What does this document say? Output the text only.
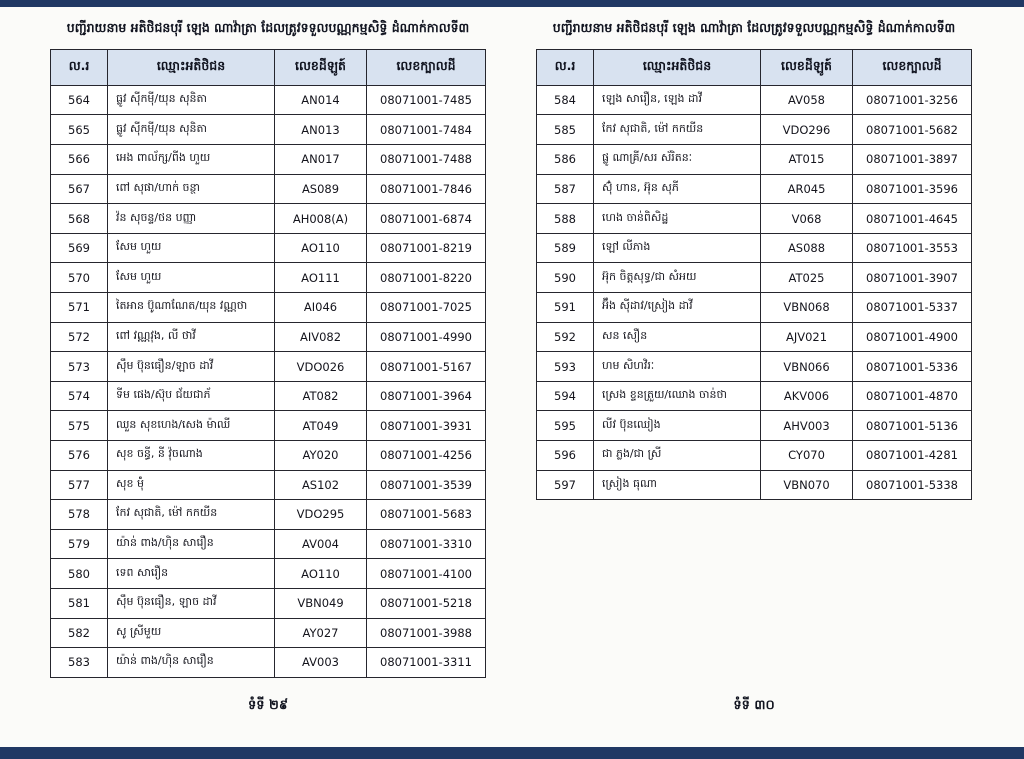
បញ្ជីរាយនាម អតិថិជនបុរី ឡេង ណាវ៉ាត្រា ដែលត្រូវទទួលបណ្ណកម្មសិទ្ធិ ដំណាក់កាលទី៣
ល.រ	ឈ្មោះអតិថិជន	លេខដីឡូត៍	លេខក្បាលដី
564	ធ្លូវ ស៊ីកម៉ី/យុន សុនិតា	AN014	08071001-7485
565	ធ្លូវ ស៊ីកម៉ី/យុន សុនិតា	AN013	08071001-7484
566	អេង ពាល័ក្ស/ពីង ហួយ	AN017	08071001-7488
567	ពៅ សុផា/ហាក់ ចន្ថា	AS089	08071001-7846
568	វ៉ន សុចន្ទ/ថន បញ្ញា	AH008(A)	08071001-6874
569	សែម ហួយ	AO110	08071001-8219
570	សែម ហួយ	AO111	08071001-8220
571	តៃអាន ប៊ូណាណែត/យុន វណ្ណថា	AI046	08071001-7025
572	ពៅ វណ្ណវុង, លី ថាវី	AIV082	08071001-4990
573	ស៊ឹម ប៊ុនធឿន/ឡាច ដាវី	VDO026	08071001-5167
574	ទីម ផេង/ស៊ុប ជ័យជាភ័	AT082	08071001-3964
575	ឈួន សុខហេង/សេង ម៉ាឈី	AT049	08071001-3931
576	សុខ ចន្ធី, នី វ៉ុចណាង	AY020	08071001-4256
577	សុខ ម៉ុំ	AS102	08071001-3539
578	កែវ សុជាតិ, ម៉ៅ កកយីន	VDO295	08071001-5683
579	យ៉ាន់ ពាង/ហ៊ិន សារឿន	AV004	08071001-3310
580	ទេព សារឿន	AO110	08071001-4100
581	ស៊ឹម ប៊ុនធឿន, ឡាច ដាវី	VBN049	08071001-5218
582	សូ ស្រីមួយ	AY027	08071001-3988
583	យ៉ាន់ ពាង/ហ៊ិន សារឿន	AV003	08071001-3311
ទំទី ២៩
បញ្ជីរាយនាម អតិថិជនបុរី ឡេង ណាវ៉ាត្រា ដែលត្រូវទទួលបណ្ណកម្មសិទ្ធិ ដំណាក់កាលទី៣
ល.រ	ឈ្មោះអតិថិជន	លេខដីឡូត៍	លេខក្បាលដី
584	ឡេង សារឿន, ឡេង ដាវី	AV058	08071001-3256
585	កែវ សុជាតិ, ម៉ៅ កកយីន	VDO296	08071001-5682
586	ផ្លូ ណាគ្រី/សរ ស័រិតនៈ	AT015	08071001-3897
587	ស៊ុំ ហាន, អ៊ុន សុភី	AR045	08071001-3596
588	ហេង ចាន់ពិសិដ្ឋ	V068	08071001-4645
589	ឡៅ លីភាង	AS088	08071001-3553
590	អ៊ុក ចិត្តសុទ្ធ/ជា សំអយ	AT025	08071001-3907
591	អ៊ឹង ស៊ីដាវ/ស្រៀង ដាវី	VBN068	08071001-5337
592	សន សឿន	AJV021	08071001-4900
593	ហម សិហវិរៈ	VBN066	08071001-5336
594	ស្រេង ខ្ទនត្រួយ/ឈោង ចាន់ថា	AKV006	08071001-4870
595	លីវ ប៊ុនឈៀង	AHV003	08071001-5136
596	ជា ភ្លង/ជា ស្រី	CY070	08071001-4281
597	ស្រៀង ធុណា	VBN070	08071001-5338
ទំទី ៣០
